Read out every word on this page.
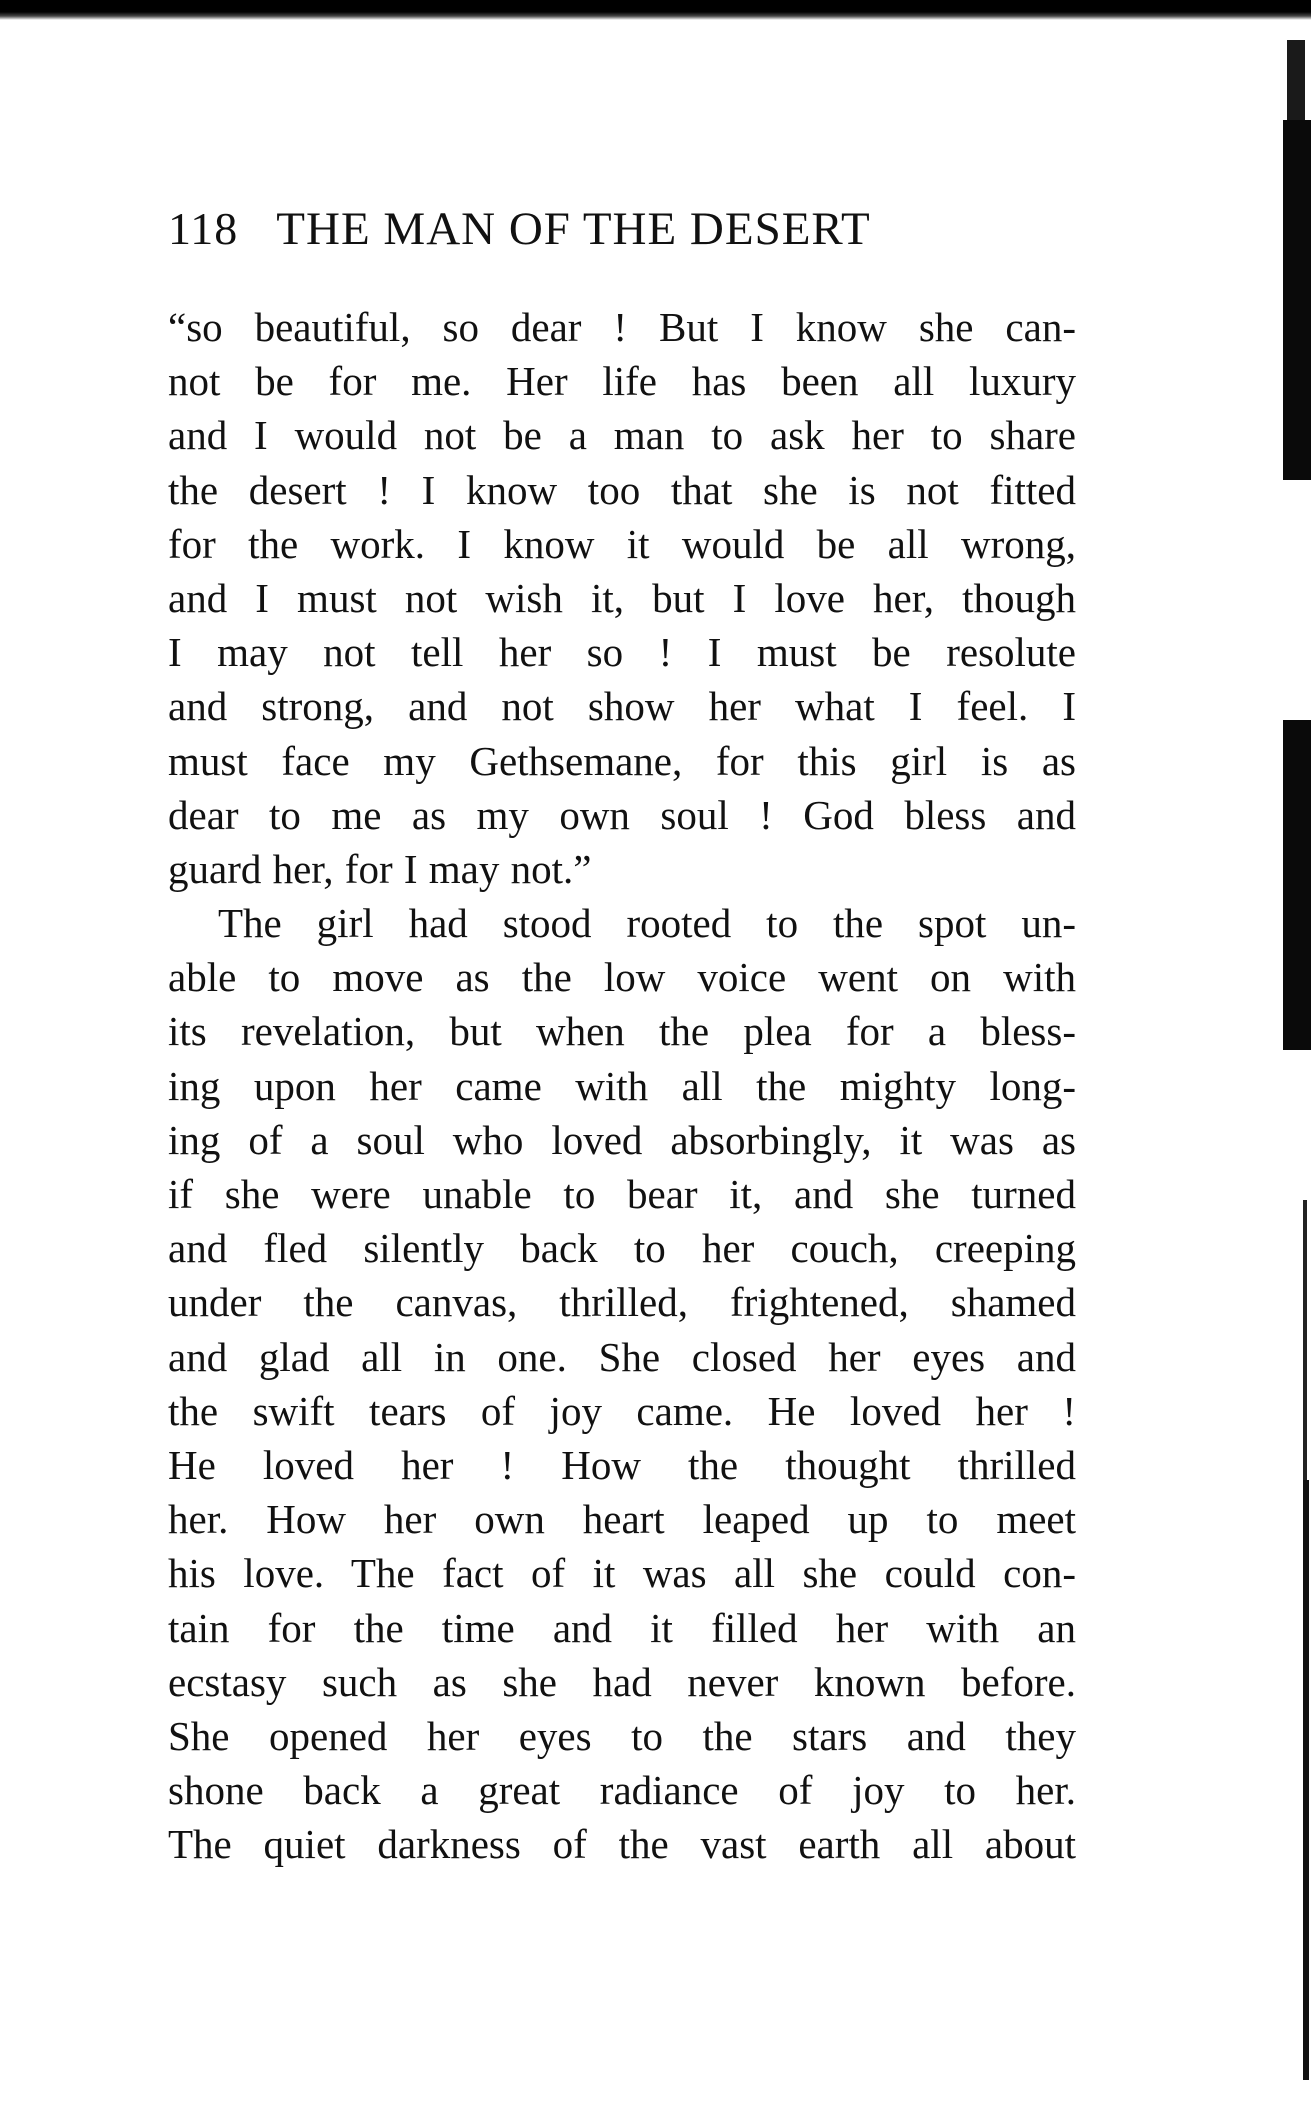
118 THE MAN OF THE DESERT
“so beautiful, so dear ! But I know she can-
not be for me. Her life has been all luxury
and I would not be a man to ask her to share
the desert ! I know too that she is not fitted
for the work. I know it would be all wrong,
and I must not wish it, but I love her, though
I may not tell her so ! I must be resolute
and strong, and not show her what I feel. I
must face my Gethsemane, for this girl is as
dear to me as my own soul ! God bless and
guard her, for I may not.”
The girl had stood rooted to the spot un-
able to move as the low voice went on with
its revelation, but when the plea for a bless-
ing upon her came with all the mighty long-
ing of a soul who loved absorbingly, it was as
if she were unable to bear it, and she turned
and fled silently back to her couch, creeping
under the canvas, thrilled, frightened, shamed
and glad all in one. She closed her eyes and
the swift tears of joy came. He loved her !
He loved her ! How the thought thrilled
her. How her own heart leaped up to meet
his love. The fact of it was all she could con-
tain for the time and it filled her with an
ecstasy such as she had never known before.
She opened her eyes to the stars and they
shone back a great radiance of joy to her.
The quiet darkness of the vast earth all about
